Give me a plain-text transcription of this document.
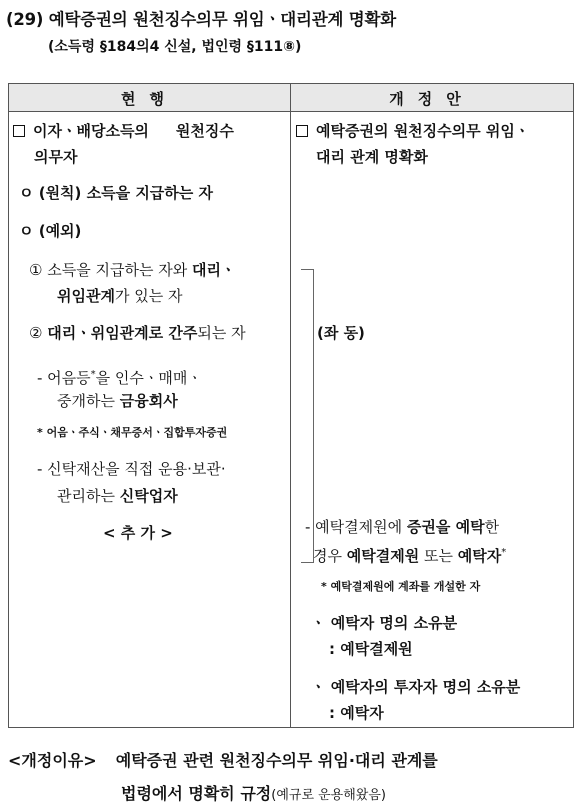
(29) 예탁증권의 원천징수의무 위임ㆍ대리관계 명확화
(소득령 §184의4 신설, 법인령 §111⑧)
현행	개정안
이자ㆍ배당소득의 원천징수
의무자
ㅇ (원칙) 소득을 지급하는 자
ㅇ (예외)
① 소득을 지급하는 자와 대리ㆍ
위임관계가 있는 자
② 대리ㆍ위임관계로 간주되는 자
- 어음등*을 인수ㆍ매매ㆍ
중개하는 금융회사
* 어음ㆍ주식ㆍ채무증서ㆍ집합투자증권
- 신탁재산을 직접 운용·보관·
관리하는 신탁업자
< 추 가 >
예탁증권의 원천징수의무 위임ㆍ
대리 관계 명확화
(좌 동)
- 예탁결제원에 증권을 예탁한
경우 예탁결제원 또는 예탁자*
* 예탁결제원에 계좌를 개설한 자
ㆍ 예탁자 명의 소유분
: 예탁결제원
ㆍ 예탁자의 투자자 명의 소유분
: 예탁자
<개정이유> 예탁증권 관련 원천징수의무 위임·대리 관계를
법령에서 명확히 규정(예규로 운용해왔음)
